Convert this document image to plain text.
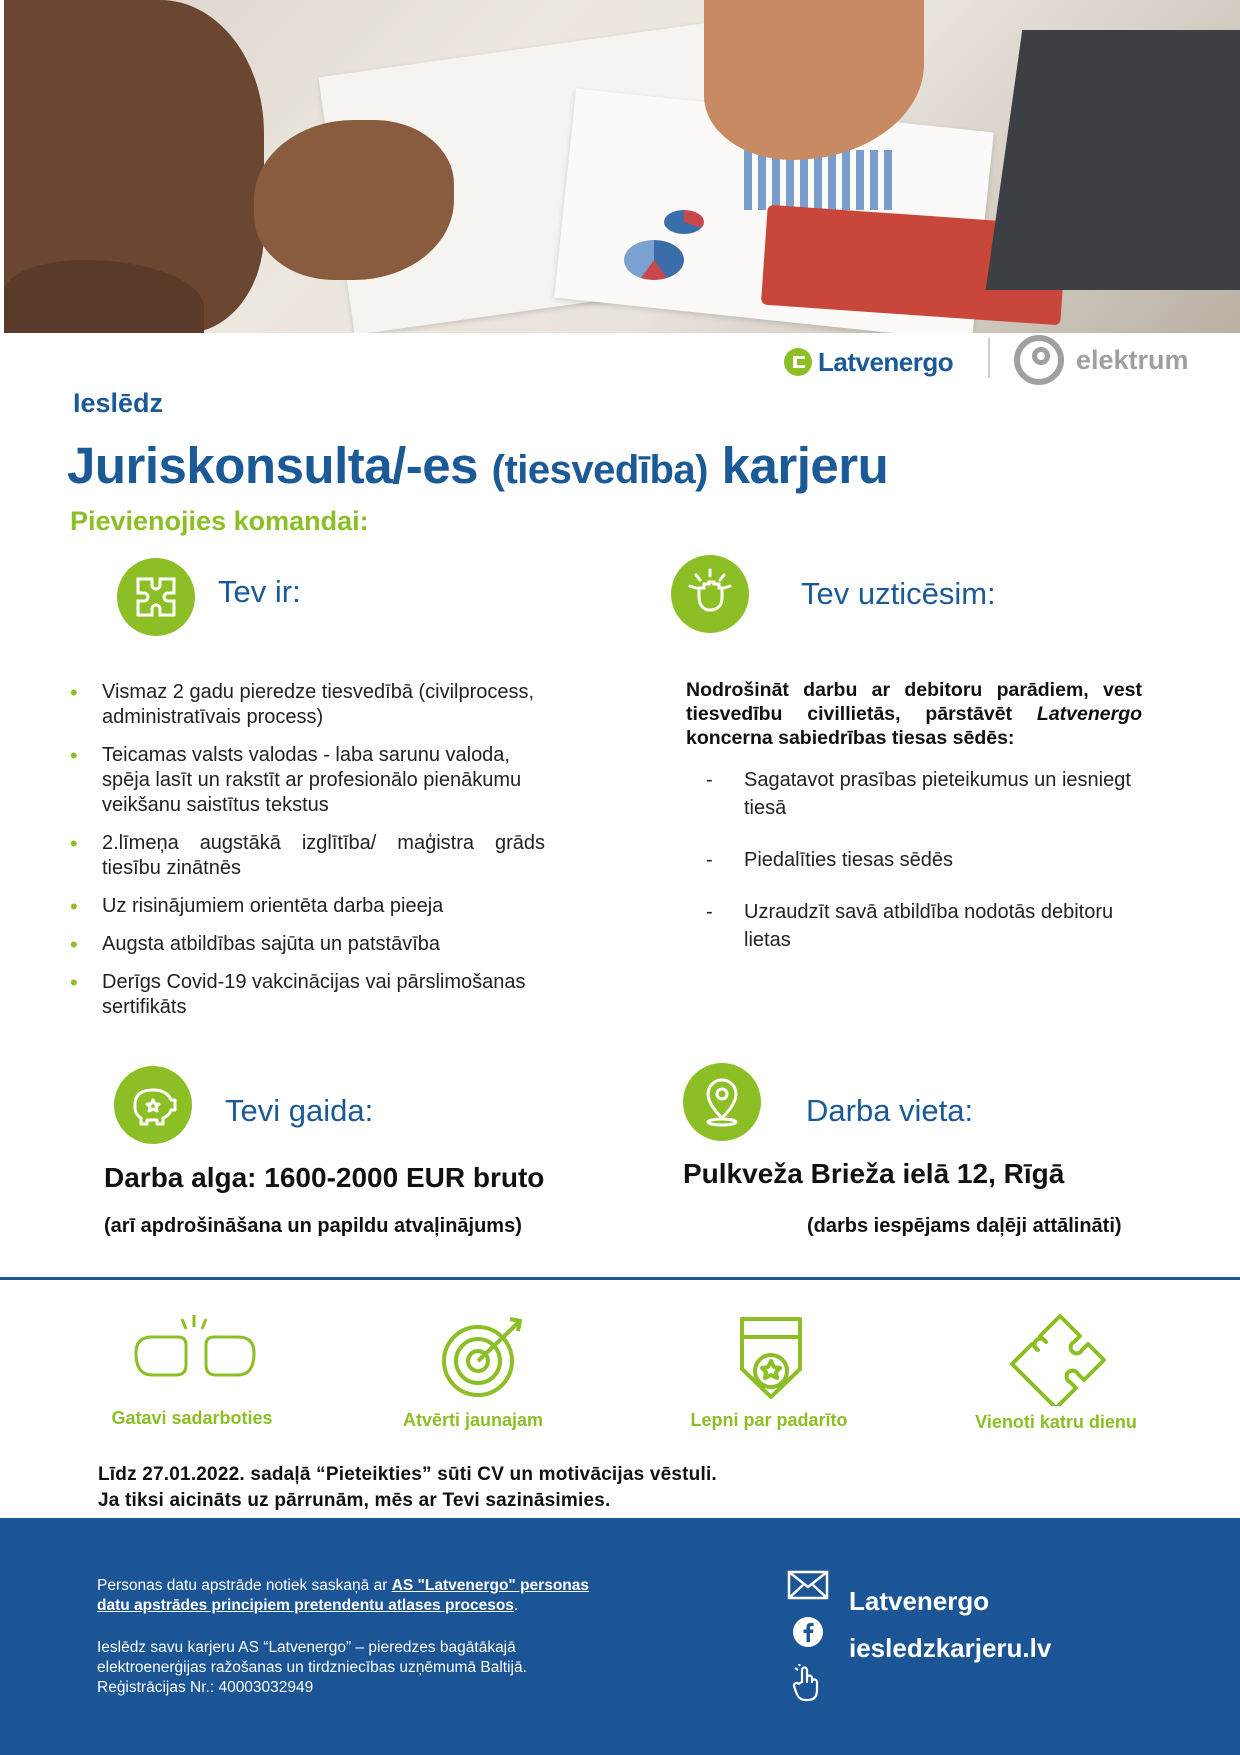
Latvenergo	elektrum
Ieslēdz
Juriskonsulta/-es (tiesvedība) karjeru
Pievienojies komandai:
Tev ir:
• Vismaz 2 gadu pieredze tiesvedībā (civilprocess, administratīvais process)
• Teicamas valsts valodas - laba sarunu valoda, spēja lasīt un rakstīt ar profesionālo pienākumu veikšanu saistītus tekstus
• 2.līmeņa augstākā izglītība/ maģistra grāds tiesību zinātnēs
• Uz risinājumiem orientēta darba pieeja
• Augsta atbildības sajūta un patstāvība
• Derīgs Covid-19 vakcinācijas vai pārslimošanas sertifikāts
Tev uzticēsim:
Nodrošināt darbu ar debitoru parādiem, vest tiesvedību civillietās, pārstāvēt Latvenergo koncerna sabiedrības tiesas sēdēs:
- Sagatavot prasības pieteikumus un iesniegt tiesā
- Piedalīties tiesas sēdēs
- Uzraudzīt savā atbildība nodotās debitoru lietas
Tevi gaida:
Darba alga: 1600-2000 EUR bruto
(arī apdrošināšana un papildu atvaļinājums)
Darba vieta:
Pulkveža Brieža ielā 12, Rīgā
(darbs iespējams daļēji attālināti)
Gatavi sadarboties	Atvērti jaunajam	Lepni par padarīto	Vienoti katru dienu
Līdz 27.01.2022. sadaļā “Pieteikties” sūti CV un motivācijas vēstuli.
Ja tiksi aicināts uz pārrunām, mēs ar Tevi sazināsimies.
Personas datu apstrāde notiek saskaņā ar AS "Latvenergo" personas datu apstrādes principiem pretendentu atlases procesos.
Ieslēdz savu karjeru AS “Latvenergo” – pieredzes bagātākajā elektroenerģijas ražošanas un tirdzniecības uzņēmumā Baltijā.
Reģistrācijas Nr.: 40003032949
Latvenergo
iesledzkarjeru.lv
